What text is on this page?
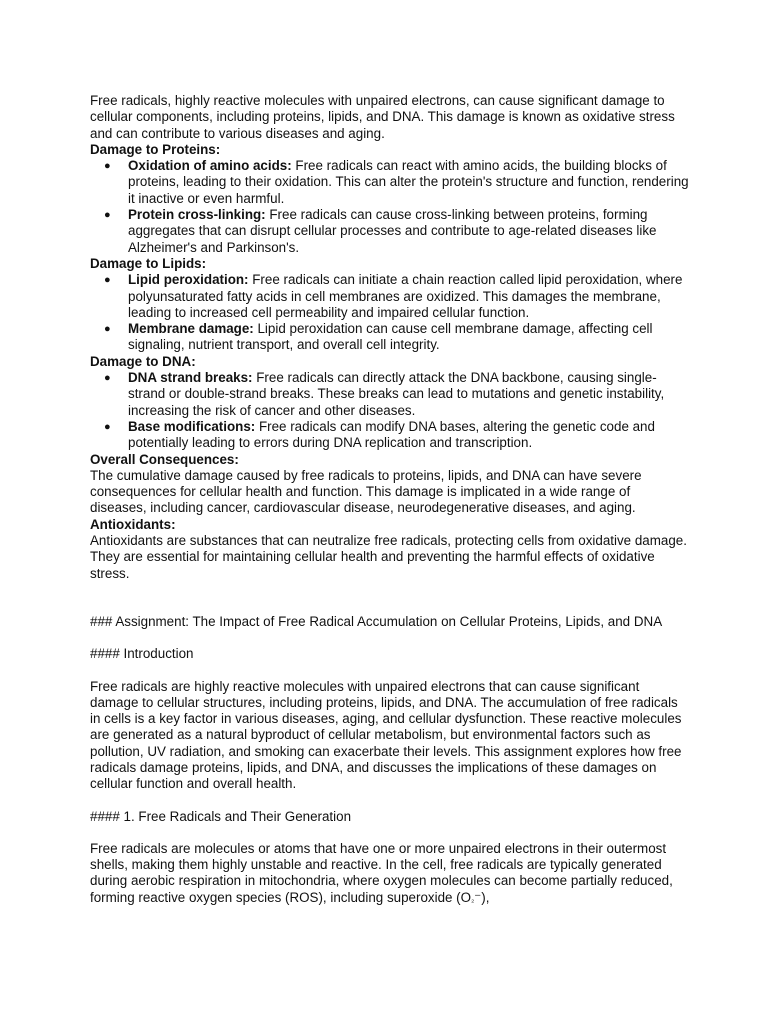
Free radicals, highly reactive molecules with unpaired electrons, can cause significant damage to cellular components, including proteins, lipids, and DNA. This damage is known as oxidative stress and can contribute to various diseases and aging.

Damage to Proteins:

● Oxidation of amino acids: Free radicals can react with amino acids, the building blocks of proteins, leading to their oxidation. This can alter the protein's structure and function, rendering it inactive or even harmful.
● Protein cross-linking: Free radicals can cause cross-linking between proteins, forming aggregates that can disrupt cellular processes and contribute to age-related diseases like Alzheimer's and Parkinson's.

Damage to Lipids:

● Lipid peroxidation: Free radicals can initiate a chain reaction called lipid peroxidation, where polyunsaturated fatty acids in cell membranes are oxidized. This damages the membrane, leading to increased cell permeability and impaired cellular function.
● Membrane damage: Lipid peroxidation can cause cell membrane damage, affecting cell signaling, nutrient transport, and overall cell integrity.

Damage to DNA:

● DNA strand breaks: Free radicals can directly attack the DNA backbone, causing single-strand or double-strand breaks. These breaks can lead to mutations and genetic instability, increasing the risk of cancer and other diseases.
● Base modifications: Free radicals can modify DNA bases, altering the genetic code and potentially leading to errors during DNA replication and transcription.

Overall Consequences:

The cumulative damage caused by free radicals to proteins, lipids, and DNA can have severe consequences for cellular health and function. This damage is implicated in a wide range of diseases, including cancer, cardiovascular disease, neurodegenerative diseases, and aging.

Antioxidants:

Antioxidants are substances that can neutralize free radicals, protecting cells from oxidative damage. They are essential for maintaining cellular health and preventing the harmful effects of oxidative stress.

### Assignment: The Impact of Free Radical Accumulation on Cellular Proteins, Lipids, and DNA

#### Introduction

Free radicals are highly reactive molecules with unpaired electrons that can cause significant damage to cellular structures, including proteins, lipids, and DNA. The accumulation of free radicals in cells is a key factor in various diseases, aging, and cellular dysfunction. These reactive molecules are generated as a natural byproduct of cellular metabolism, but environmental factors such as pollution, UV radiation, and smoking can exacerbate their levels. This assignment explores how free radicals damage proteins, lipids, and DNA, and discusses the implications of these damages on cellular function and overall health.

#### 1. Free Radicals and Their Generation

Free radicals are molecules or atoms that have one or more unpaired electrons in their outermost shells, making them highly unstable and reactive. In the cell, free radicals are typically generated during aerobic respiration in mitochondria, where oxygen molecules can become partially reduced, forming reactive oxygen species (ROS), including superoxide (O₂⁻),
